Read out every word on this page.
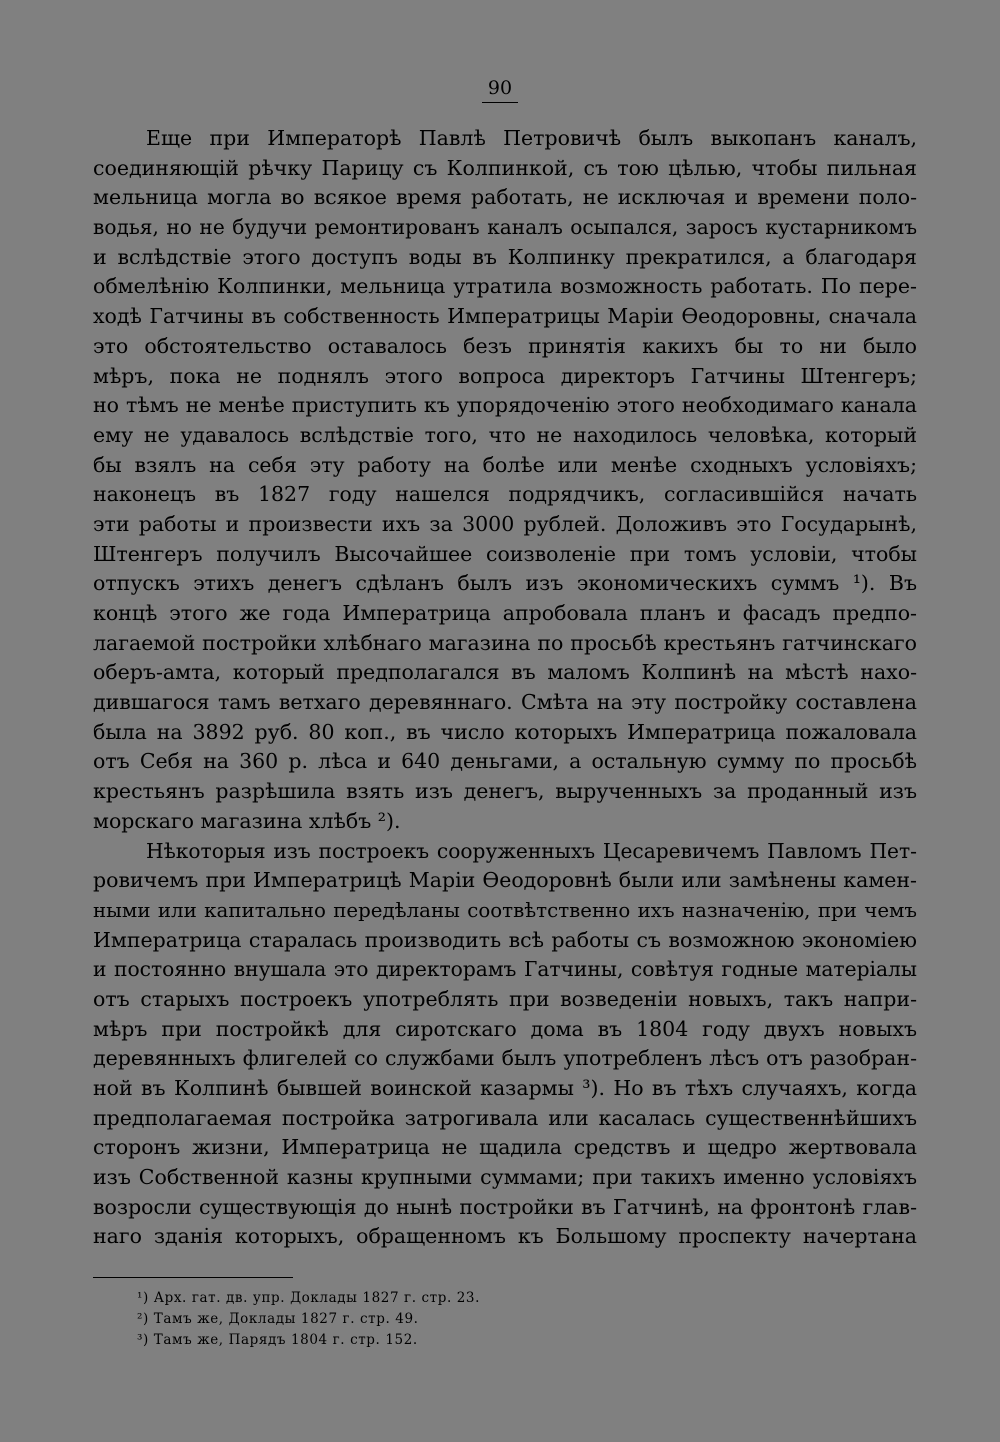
90
Еще при Императорѣ Павлѣ Петровичѣ былъ выкопанъ каналъ,
соединяющій рѣчку Парицу съ Колпинкой, съ тою цѣлью, чтобы пильная
мельница могла во всякое время работать, не исключая и времени поло-
водья, но не будучи ремонтированъ каналъ осыпался, заросъ кустарникомъ
и вслѣдствіе этого доступъ воды въ Колпинку прекратился, а благодаря
обмелѣнію Колпинки, мельница утратила возможность работать. По пере-
ходѣ Гатчины въ собственность Императрицы Маріи Өеодоровны, сначала
это обстоятельство оставалось безъ принятія какихъ бы то ни было
мѣръ, пока не поднялъ этого вопроса директоръ Гатчины Штенгеръ;
но тѣмъ не менѣе приступить къ упорядоченію этого необходимаго канала
ему не удавалось вслѣдствіе того, что не находилось человѣка, который
бы взялъ на себя эту работу на болѣе или менѣе сходныхъ условіяхъ;
наконецъ въ 1827 году нашелся подрядчикъ, согласившійся начать
эти работы и произвести ихъ за 3000 рублей. Доложивъ это Государынѣ,
Штенгеръ получилъ Высочайшее соизволеніе при томъ условіи, чтобы
отпускъ этихъ денегъ сдѣланъ былъ изъ экономическихъ суммъ ¹). Въ
концѣ этого же года Императрица апробовала планъ и фасадъ предпо-
лагаемой постройки хлѣбнаго магазина по просьбѣ крестьянъ гатчинскаго
оберъ-амта, который предполагался въ маломъ Колпинѣ на мѣстѣ нахо-
дившагося тамъ ветхаго деревяннаго. Смѣта на эту постройку составлена
была на 3892 руб. 80 коп., въ число которыхъ Императрица пожаловала
отъ Себя на 360 р. лѣса и 640 деньгами, а остальную сумму по просьбѣ
крестьянъ разрѣшила взять изъ денегъ, вырученныхъ за проданный изъ
морскаго магазина хлѣбъ ²).
Нѣкоторыя изъ построекъ сооруженныхъ Цесаревичемъ Павломъ Пет-
ровичемъ при Императрицѣ Маріи Өеодоровнѣ были или замѣнены камен-
ными или капитально передѣланы соотвѣтственно ихъ назначенію, при чемъ
Императрица старалась производить всѣ работы съ возможною экономіею
и постоянно внушала это директорамъ Гатчины, совѣтуя годные матеріалы
отъ старыхъ построекъ употреблять при возведеніи новыхъ, такъ напри-
мѣръ при постройкѣ для сиротскаго дома въ 1804 году двухъ новыхъ
деревянныхъ флигелей со службами былъ употребленъ лѣсъ отъ разобран-
ной въ Колпинѣ бывшей воинской казармы ³). Но въ тѣхъ случаяхъ, когда
предполагаемая постройка затрогивала или касалась существеннѣйшихъ
сторонъ жизни, Императрица не щадила средствъ и щедро жертвовала
изъ Собственной казны крупными суммами; при такихъ именно условіяхъ
возросли существующія до нынѣ постройки въ Гатчинѣ, на фронтонѣ глав-
наго зданія которыхъ, обращенномъ къ Большому проспекту начертана
¹) Арх. гат. дв. упр. Доклады 1827 г. стр. 23.
²) Тамъ же, Доклады 1827 г. стр. 49.
³) Тамъ же, Парядъ 1804 г. стр. 152.
